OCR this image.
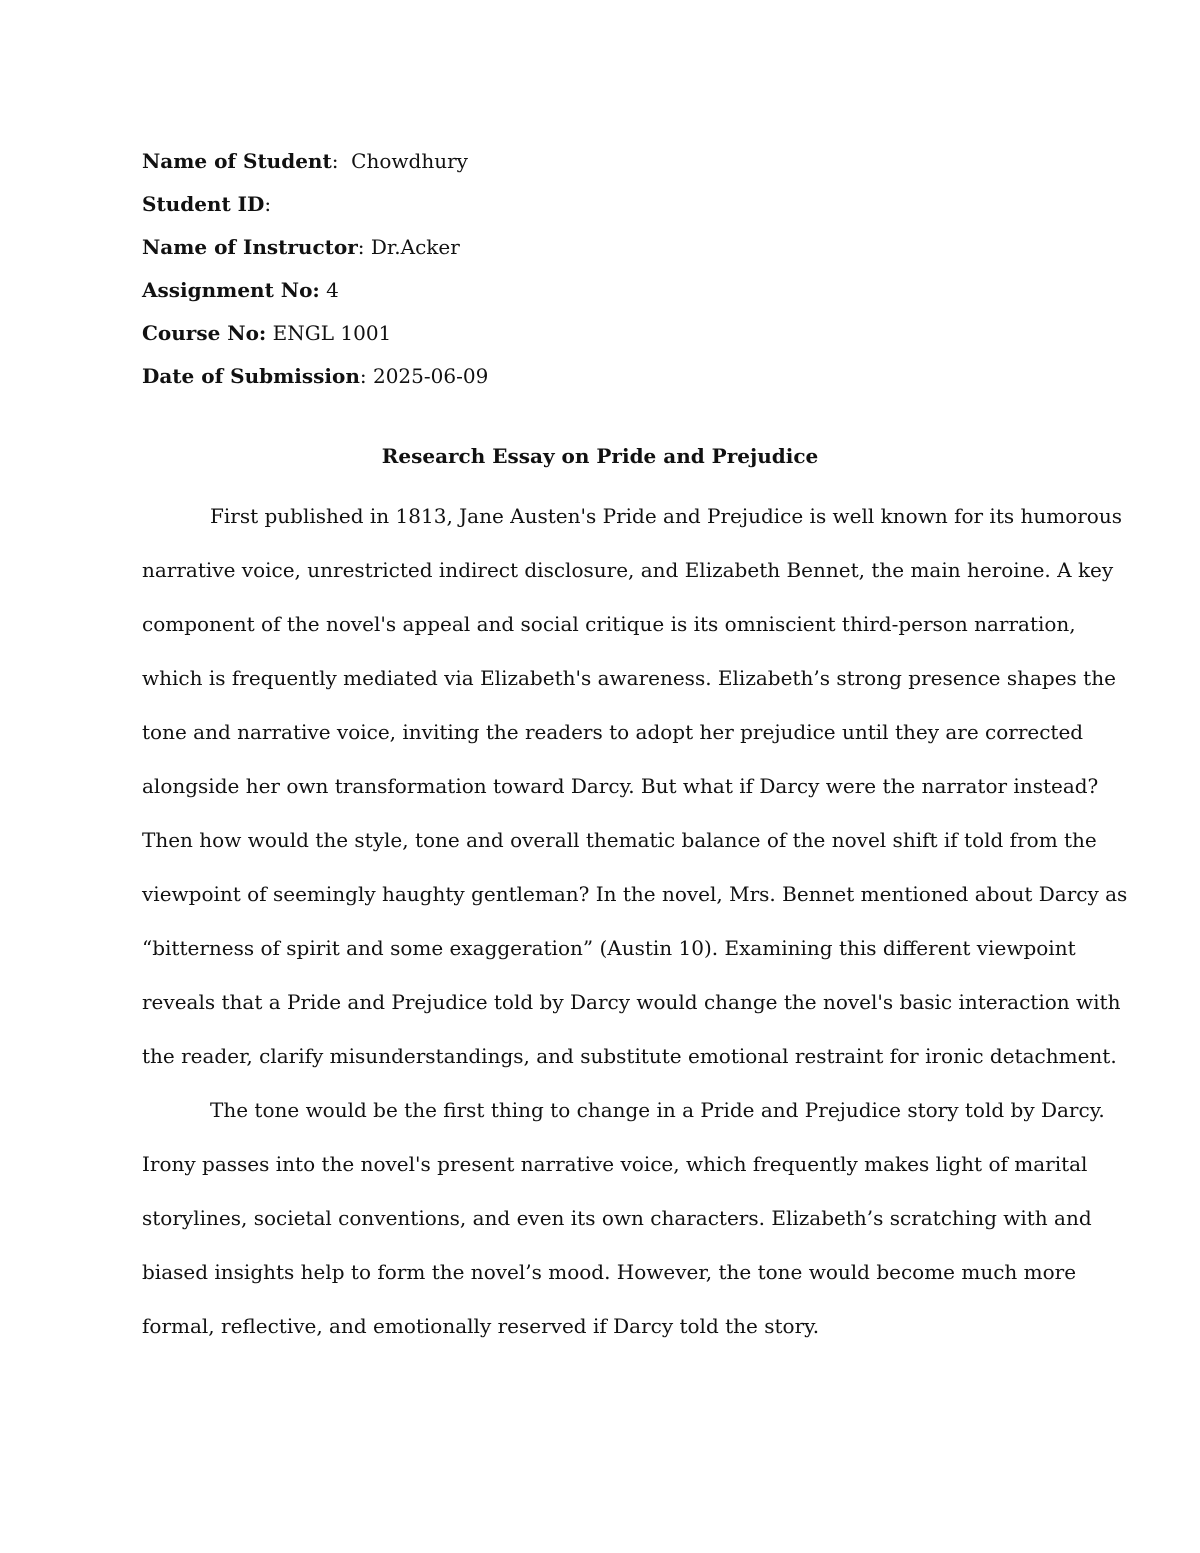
Name of Student:  Chowdhury
Student ID:
Name of Instructor: Dr.Acker
Assignment No: 4
Course No: ENGL 1001
Date of Submission: 2025-06-09
Research Essay on Pride and Prejudice
First published in 1813, Jane Austen's Pride and Prejudice is well known for its humorous
narrative voice, unrestricted indirect disclosure, and Elizabeth Bennet, the main heroine. A key
component of the novel's appeal and social critique is its omniscient third-person narration,
which is frequently mediated via Elizabeth's awareness. Elizabeth’s strong presence shapes the
tone and narrative voice, inviting the readers to adopt her prejudice until they are corrected
alongside her own transformation toward Darcy. But what if Darcy were the narrator instead?
Then how would the style, tone and overall thematic balance of the novel shift if told from the
viewpoint of seemingly haughty gentleman? In the novel, Mrs. Bennet mentioned about Darcy as
“bitterness of spirit and some exaggeration” (Austin 10). Examining this different viewpoint
reveals that a Pride and Prejudice told by Darcy would change the novel's basic interaction with
the reader, clarify misunderstandings, and substitute emotional restraint for ironic detachment.
The tone would be the first thing to change in a Pride and Prejudice story told by Darcy.
Irony passes into the novel's present narrative voice, which frequently makes light of marital
storylines, societal conventions, and even its own characters. Elizabeth’s scratching with and
biased insights help to form the novel’s mood. However, the tone would become much more
formal, reflective, and emotionally reserved if Darcy told the story.
